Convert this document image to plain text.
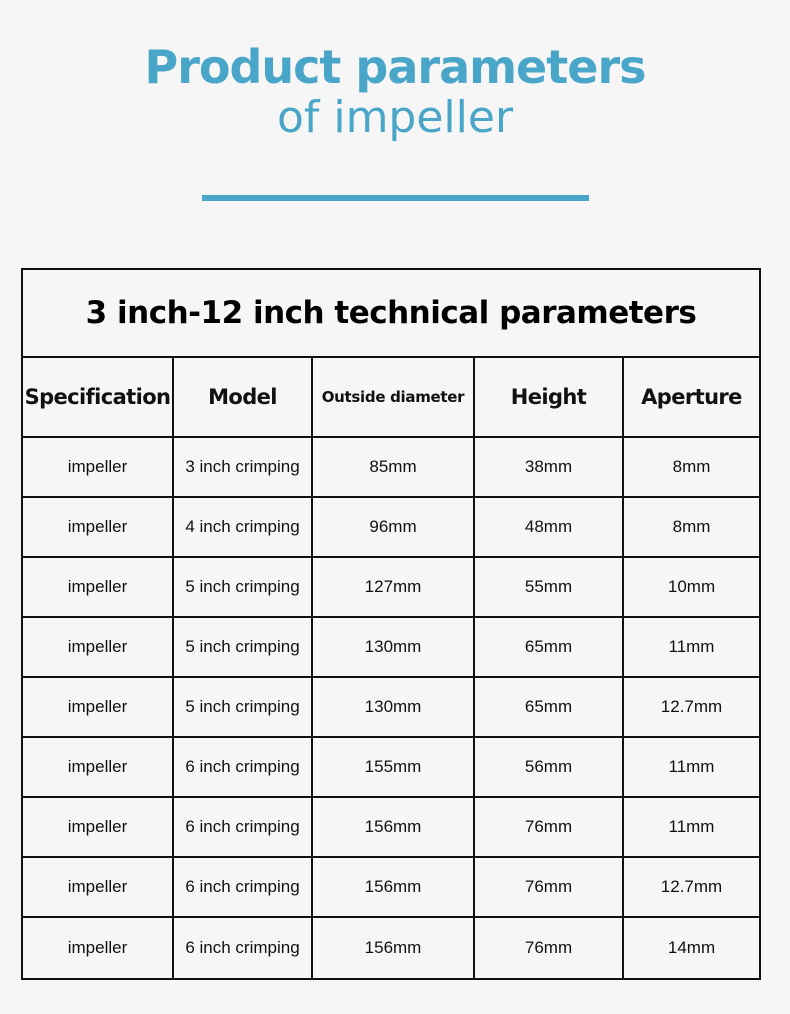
Product parameters
of impeller
3 inch-12 inch technical parameters
Specification	Model	Outside diameter	Height	Aperture
impeller	3 inch crimping	85mm	38mm	8mm
impeller	4 inch crimping	96mm	48mm	8mm
impeller	5 inch crimping	127mm	55mm	10mm
impeller	5 inch crimping	130mm	65mm	11mm
impeller	5 inch crimping	130mm	65mm	12.7mm
impeller	6 inch crimping	155mm	56mm	11mm
impeller	6 inch crimping	156mm	76mm	11mm
impeller	6 inch crimping	156mm	76mm	12.7mm
impeller	6 inch crimping	156mm	76mm	14mm
